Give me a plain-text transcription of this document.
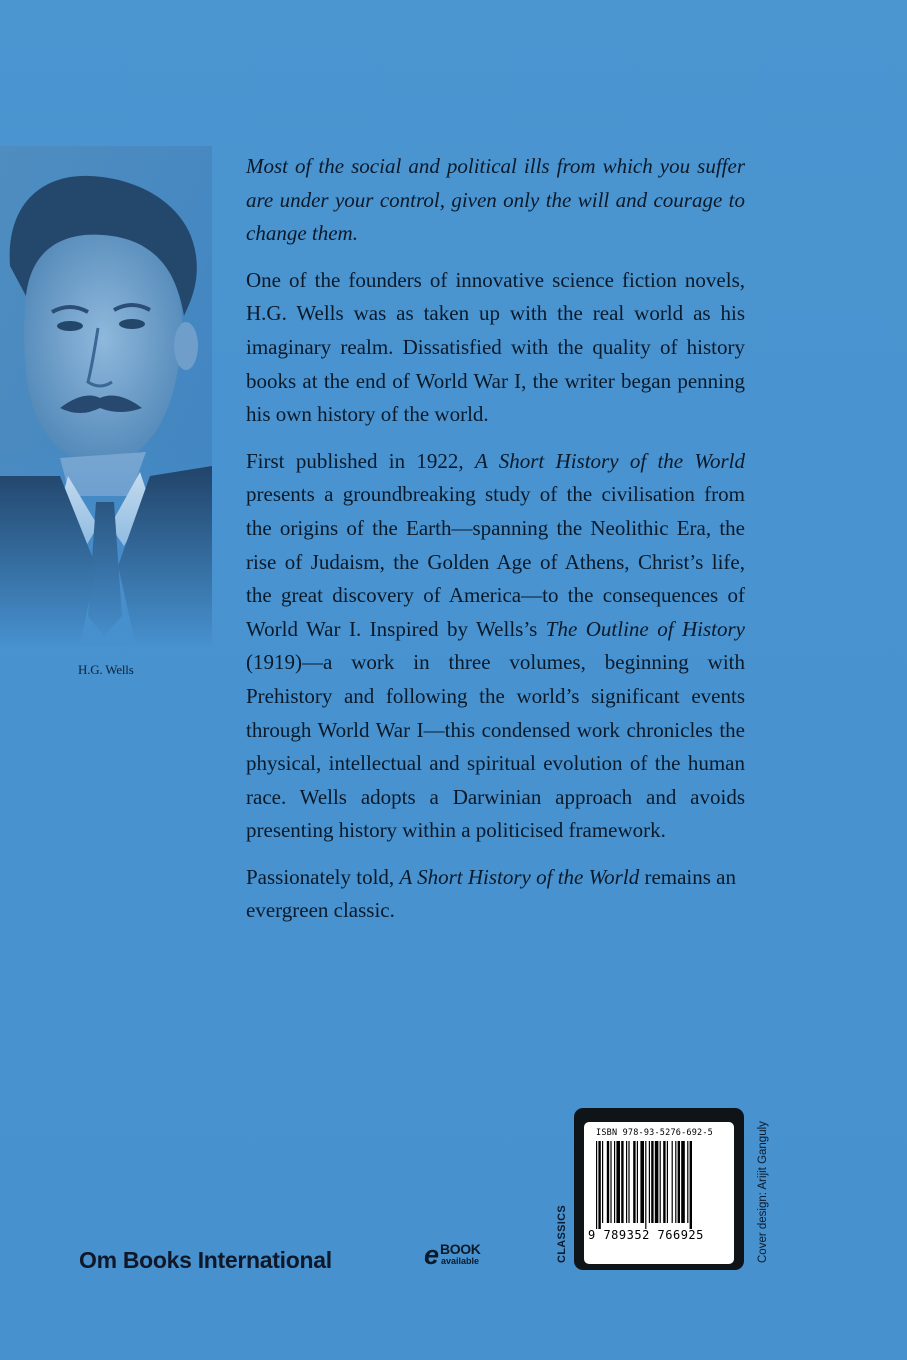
H.G. Wells

Most of the social and political ills from which you suffer are under your control, given only the will and courage to change them.

One of the founders of innovative science fiction novels, H.G. Wells was as taken up with the real world as his imaginary realm. Dissatisfied with the quality of history books at the end of World War I, the writer began penning his own history of the world.

First published in 1922, A Short History of the World presents a groundbreaking study of the civilisation from the origins of the Earth—spanning the Neolithic Era, the rise of Judaism, the Golden Age of Athens, Christ’s life, the great discovery of America—to the consequences of World War I. Inspired by Wells’s The Outline of History (1919)—a work in three volumes, beginning with Prehistory and following the world’s significant events through World War I—this condensed work chronicles the physical, intellectual and spiritual evolution of the human race. Wells adopts a Darwinian approach and avoids presenting history within a politicised framework.

Passionately told, A Short History of the World remains an evergreen classic.

Om Books International	e BOOK
available	CLASSICS
ISBN 978-93-5276-692-5
9 789352 766925
www.ombooksinternational.com	Cover design: Arijit Ganguly
